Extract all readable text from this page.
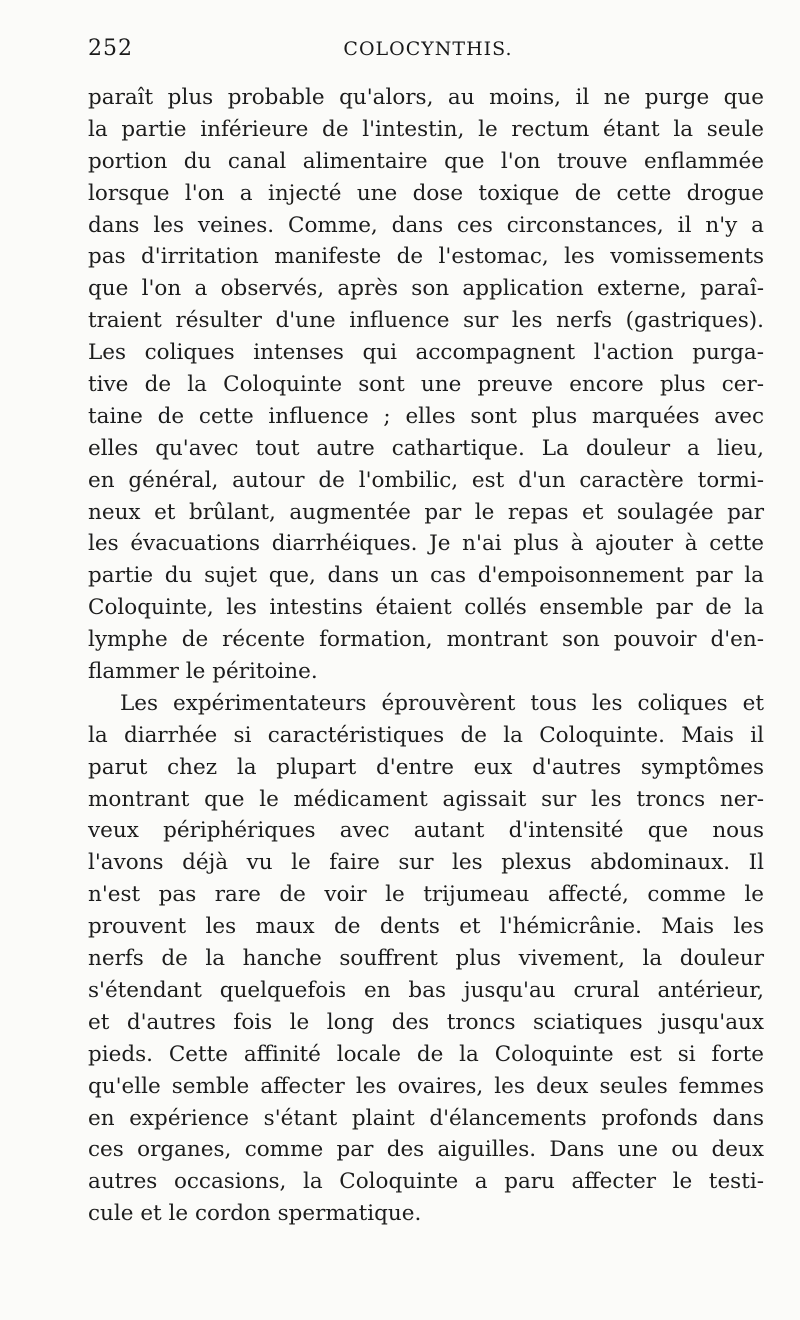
252	COLOCYNTHIS.
paraît plus probable qu'alors, au moins, il ne purge que
la partie inférieure de l'intestin, le rectum étant la seule
portion du canal alimentaire que l'on trouve enflammée
lorsque l'on a injecté une dose toxique de cette drogue
dans les veines. Comme, dans ces circonstances, il n'y a
pas d'irritation manifeste de l'estomac, les vomissements
que l'on a observés, après son application externe, paraî-
traient résulter d'une influence sur les nerfs (gastriques).
Les coliques intenses qui accompagnent l'action purga-
tive de la Coloquinte sont une preuve encore plus cer-
taine de cette influence ; elles sont plus marquées avec
elles qu'avec tout autre cathartique. La douleur a lieu,
en général, autour de l'ombilic, est d'un caractère tormi-
neux et brûlant, augmentée par le repas et soulagée par
les évacuations diarrhéiques. Je n'ai plus à ajouter à cette
partie du sujet que, dans un cas d'empoisonnement par la
Coloquinte, les intestins étaient collés ensemble par de la
lymphe de récente formation, montrant son pouvoir d'en-
flammer le péritoine.
Les expérimentateurs éprouvèrent tous les coliques et
la diarrhée si caractéristiques de la Coloquinte. Mais il
parut chez la plupart d'entre eux d'autres symptômes
montrant que le médicament agissait sur les troncs ner-
veux périphériques avec autant d'intensité que nous
l'avons déjà vu le faire sur les plexus abdominaux. Il
n'est pas rare de voir le trijumeau affecté, comme le
prouvent les maux de dents et l'hémicrânie. Mais les
nerfs de la hanche souffrent plus vivement, la douleur
s'étendant quelquefois en bas jusqu'au crural antérieur,
et d'autres fois le long des troncs sciatiques jusqu'aux
pieds. Cette affinité locale de la Coloquinte est si forte
qu'elle semble affecter les ovaires, les deux seules femmes
en expérience s'étant plaint d'élancements profonds dans
ces organes, comme par des aiguilles. Dans une ou deux
autres occasions, la Coloquinte a paru affecter le testi-
cule et le cordon spermatique.
